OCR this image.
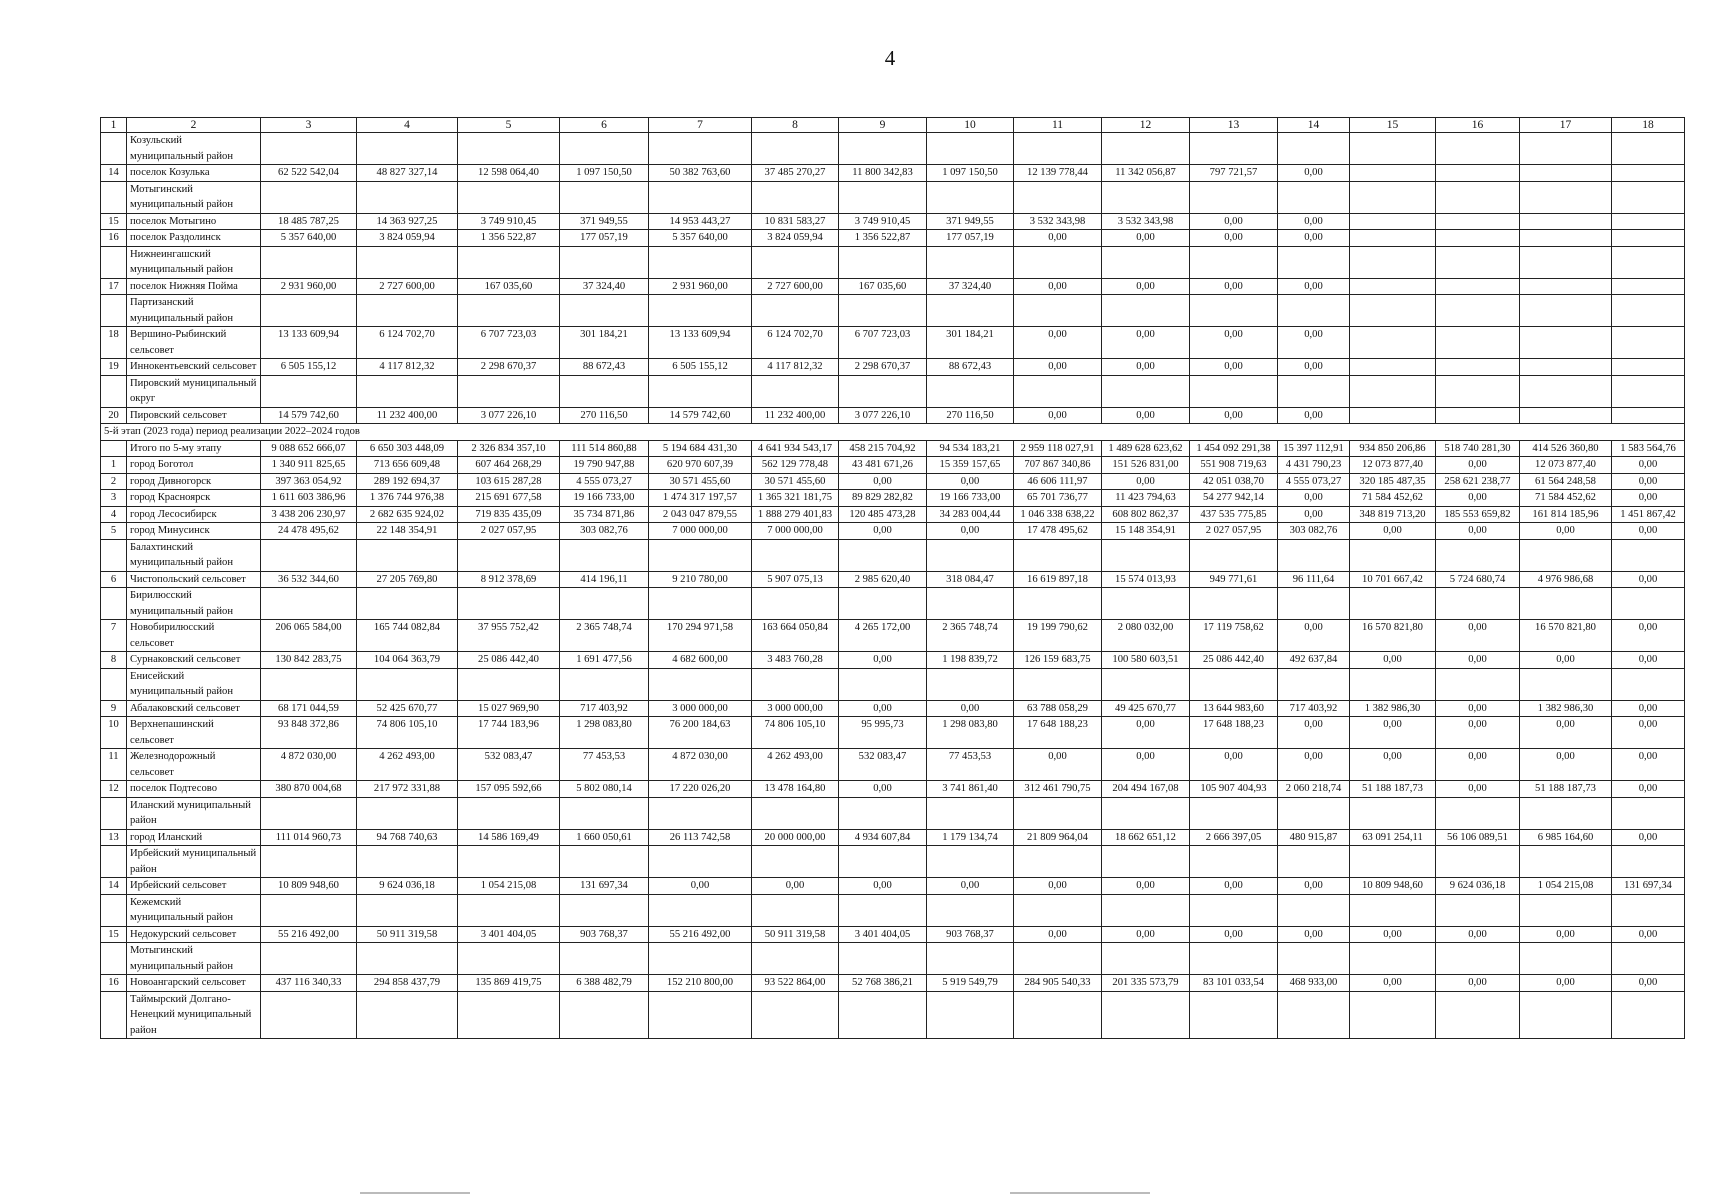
4
1	2	3	4	5	6	7	8	9	10	11	12	13	14	15	16	17	18
	Козульский муниципальный район																
14	поселок Козулька	62 522 542,04	48 827 327,14	12 598 064,40	1 097 150,50	50 382 763,60	37 485 270,27	11 800 342,83	1 097 150,50	12 139 778,44	11 342 056,87	797 721,57	0,00				
	Мотыгинский муниципальный район																
15	поселок Мотыгино	18 485 787,25	14 363 927,25	3 749 910,45	371 949,55	14 953 443,27	10 831 583,27	3 749 910,45	371 949,55	3 532 343,98	3 532 343,98	0,00	0,00				
16	поселок Раздолинск	5 357 640,00	3 824 059,94	1 356 522,87	177 057,19	5 357 640,00	3 824 059,94	1 356 522,87	177 057,19	0,00	0,00	0,00	0,00				
	Нижнеингашский муниципальный район																
17	поселок Нижняя Пойма	2 931 960,00	2 727 600,00	167 035,60	37 324,40	2 931 960,00	2 727 600,00	167 035,60	37 324,40	0,00	0,00	0,00	0,00				
	Партизанский муниципальный район																
18	Вершино-Рыбинский сельсовет	13 133 609,94	6 124 702,70	6 707 723,03	301 184,21	13 133 609,94	6 124 702,70	6 707 723,03	301 184,21	0,00	0,00	0,00	0,00				
19	Иннокентьевский сельсовет	6 505 155,12	4 117 812,32	2 298 670,37	88 672,43	6 505 155,12	4 117 812,32	2 298 670,37	88 672,43	0,00	0,00	0,00	0,00				
	Пировский муниципальный округ																
20	Пировский сельсовет	14 579 742,60	11 232 400,00	3 077 226,10	270 116,50	14 579 742,60	11 232 400,00	3 077 226,10	270 116,50	0,00	0,00	0,00	0,00				
5-й этап (2023 года) период реализации 2022–2024 годов																	
	Итого по 5-му этапу	9 088 652 666,07	6 650 303 448,09	2 326 834 357,10	111 514 860,88	5 194 684 431,30	4 641 934 543,17	458 215 704,92	94 534 183,21	2 959 118 027,91	1 489 628 623,62	1 454 092 291,38	15 397 112,91	934 850 206,86	518 740 281,30	414 526 360,80	1 583 564,76
1	город Боготол	1 340 911 825,65	713 656 609,48	607 464 268,29	19 790 947,88	620 970 607,39	562 129 778,48	43 481 671,26	15 359 157,65	707 867 340,86	151 526 831,00	551 908 719,63	4 431 790,23	12 073 877,40	0,00	12 073 877,40	0,00
2	город Дивногорск	397 363 054,92	289 192 694,37	103 615 287,28	4 555 073,27	30 571 455,60	30 571 455,60	0,00	0,00	46 606 111,97	0,00	42 051 038,70	4 555 073,27	320 185 487,35	258 621 238,77	61 564 248,58	0,00
3	город Красноярск	1 611 603 386,96	1 376 744 976,38	215 691 677,58	19 166 733,00	1 474 317 197,57	1 365 321 181,75	89 829 282,82	19 166 733,00	65 701 736,77	11 423 794,63	54 277 942,14	0,00	71 584 452,62	0,00	71 584 452,62	0,00
4	город Лесосибирск	3 438 206 230,97	2 682 635 924,02	719 835 435,09	35 734 871,86	2 043 047 879,55	1 888 279 401,83	120 485 473,28	34 283 004,44	1 046 338 638,22	608 802 862,37	437 535 775,85	0,00	348 819 713,20	185 553 659,82	161 814 185,96	1 451 867,42
5	город Минусинск	24 478 495,62	22 148 354,91	2 027 057,95	303 082,76	7 000 000,00	7 000 000,00	0,00	0,00	17 478 495,62	15 148 354,91	2 027 057,95	303 082,76	0,00	0,00	0,00	0,00
	Балахтинский муниципальный район																
6	Чистопольский сельсовет	36 532 344,60	27 205 769,80	8 912 378,69	414 196,11	9 210 780,00	5 907 075,13	2 985 620,40	318 084,47	16 619 897,18	15 574 013,93	949 771,61	96 111,64	10 701 667,42	5 724 680,74	4 976 986,68	0,00
	Бирилюсский муниципальный район																
7	Новобирилюсский сельсовет	206 065 584,00	165 744 082,84	37 955 752,42	2 365 748,74	170 294 971,58	163 664 050,84	4 265 172,00	2 365 748,74	19 199 790,62	2 080 032,00	17 119 758,62	0,00	16 570 821,80	0,00	16 570 821,80	0,00
8	Сурнаковский сельсовет	130 842 283,75	104 064 363,79	25 086 442,40	1 691 477,56	4 682 600,00	3 483 760,28	0,00	1 198 839,72	126 159 683,75	100 580 603,51	25 086 442,40	492 637,84	0,00	0,00	0,00	0,00
	Енисейский муниципальный район																
9	Абалаковский сельсовет	68 171 044,59	52 425 670,77	15 027 969,90	717 403,92	3 000 000,00	3 000 000,00	0,00	0,00	63 788 058,29	49 425 670,77	13 644 983,60	717 403,92	1 382 986,30	0,00	1 382 986,30	0,00
10	Верхнепашинский сельсовет	93 848 372,86	74 806 105,10	17 744 183,96	1 298 083,80	76 200 184,63	74 806 105,10	95 995,73	1 298 083,80	17 648 188,23	0,00	17 648 188,23	0,00	0,00	0,00	0,00	0,00
11	Железнодорожный сельсовет	4 872 030,00	4 262 493,00	532 083,47	77 453,53	4 872 030,00	4 262 493,00	532 083,47	77 453,53	0,00	0,00	0,00	0,00	0,00	0,00	0,00	0,00
12	поселок Подтесово	380 870 004,68	217 972 331,88	157 095 592,66	5 802 080,14	17 220 026,20	13 478 164,80	0,00	3 741 861,40	312 461 790,75	204 494 167,08	105 907 404,93	2 060 218,74	51 188 187,73	0,00	51 188 187,73	0,00
	Иланский муниципальный район																
13	город Иланский	111 014 960,73	94 768 740,63	14 586 169,49	1 660 050,61	26 113 742,58	20 000 000,00	4 934 607,84	1 179 134,74	21 809 964,04	18 662 651,12	2 666 397,05	480 915,87	63 091 254,11	56 106 089,51	6 985 164,60	0,00
	Ирбейский муниципальный район																
14	Ирбейский сельсовет	10 809 948,60	9 624 036,18	1 054 215,08	131 697,34	0,00	0,00	0,00	0,00	0,00	0,00	0,00	0,00	10 809 948,60	9 624 036,18	1 054 215,08	131 697,34
	Кежемский муниципальный район																
15	Недокурский сельсовет	55 216 492,00	50 911 319,58	3 401 404,05	903 768,37	55 216 492,00	50 911 319,58	3 401 404,05	903 768,37	0,00	0,00	0,00	0,00	0,00	0,00	0,00	0,00
	Мотыгинский муниципальный район																
16	Новоангарский сельсовет	437 116 340,33	294 858 437,79	135 869 419,75	6 388 482,79	152 210 800,00	93 522 864,00	52 768 386,21	5 919 549,79	284 905 540,33	201 335 573,79	83 101 033,54	468 933,00	0,00	0,00	0,00	0,00
	Таймырский Долгано-Ненецкий муниципальный район																
